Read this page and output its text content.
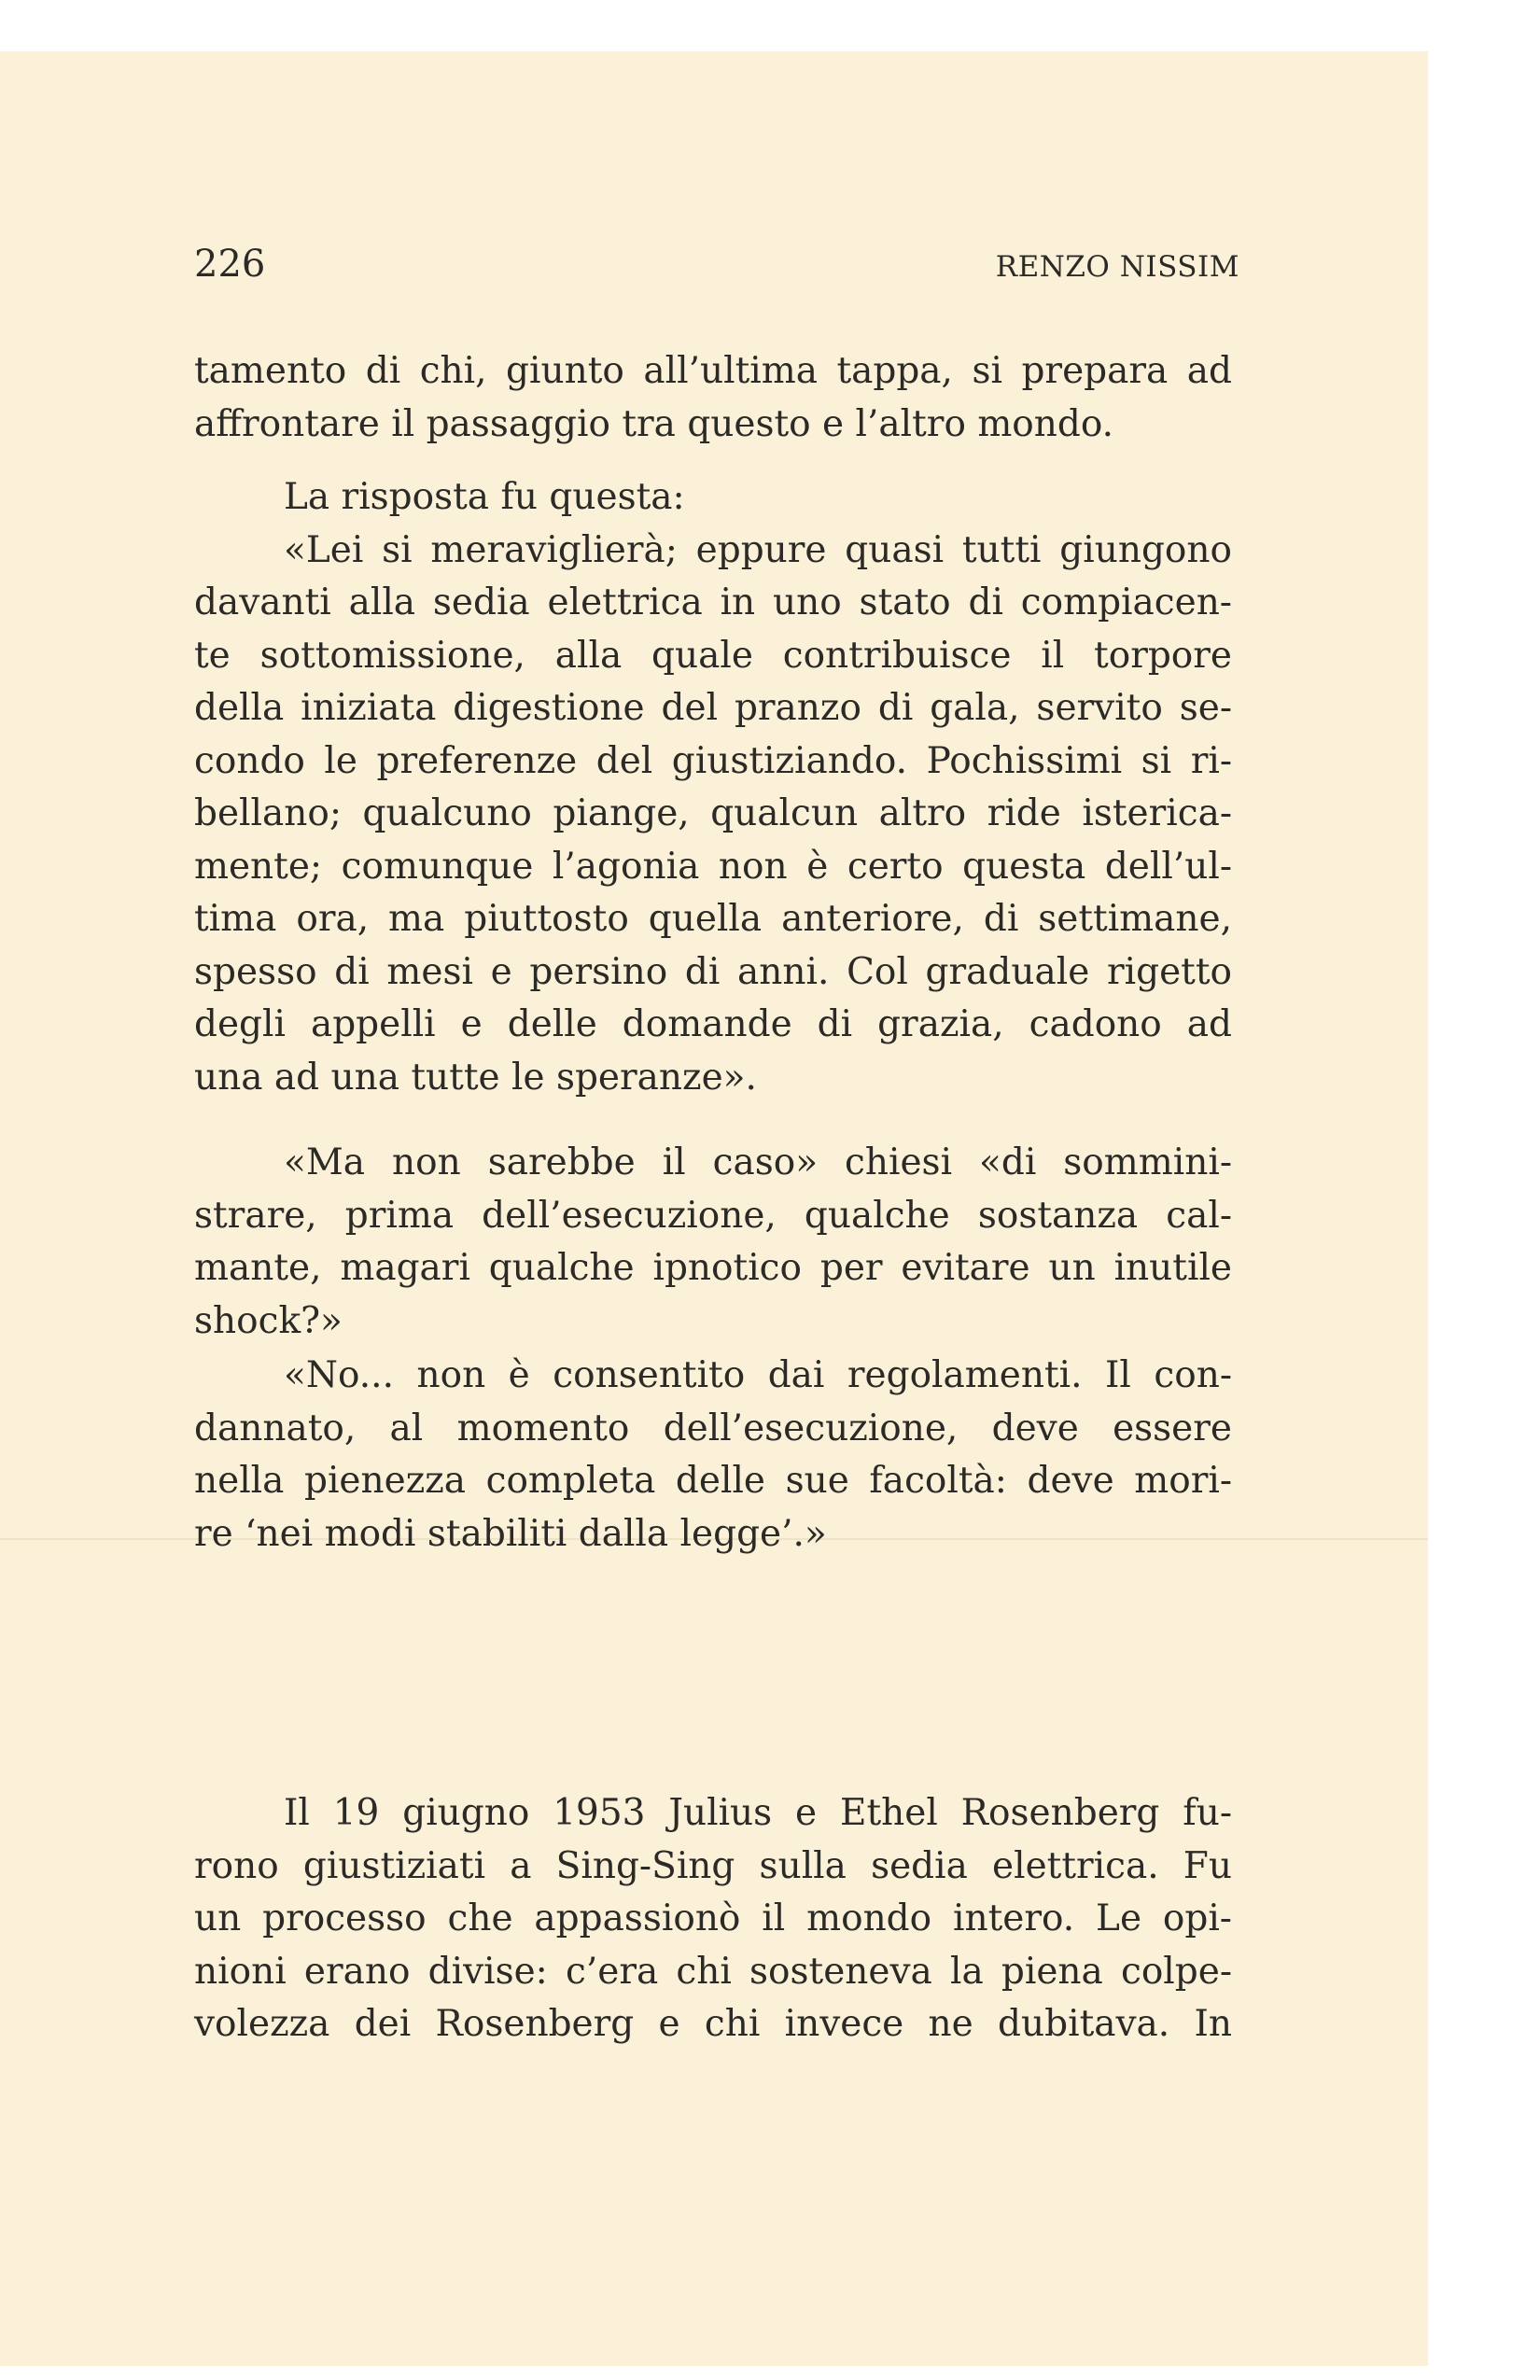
226	RENZO NISSIM
tamento di chi, giunto all’ultima tappa, si prepara ad
affrontare il passaggio tra questo e l’altro mondo.
La risposta fu questa:
«Lei si meraviglierà; eppure quasi tutti giungono
davanti alla sedia elettrica in uno stato di compiacen-
te sottomissione, alla quale contribuisce il torpore
della iniziata digestione del pranzo di gala, servito se-
condo le preferenze del giustiziando. Pochissimi si ri-
bellano; qualcuno piange, qualcun altro ride isterica-
mente; comunque l’agonia non è certo questa dell’ul-
tima ora, ma piuttosto quella anteriore, di settimane,
spesso di mesi e persino di anni. Col graduale rigetto
degli appelli e delle domande di grazia, cadono ad
una ad una tutte le speranze».
«Ma non sarebbe il caso» chiesi «di sommini-
strare, prima dell’esecuzione, qualche sostanza cal-
mante, magari qualche ipnotico per evitare un inutile
shock?»
«No... non è consentito dai regolamenti. Il con-
dannato, al momento dell’esecuzione, deve essere
nella pienezza completa delle sue facoltà: deve mori-
re ‘nei modi stabiliti dalla legge’.»
Il 19 giugno 1953 Julius e Ethel Rosenberg fu-
rono giustiziati a Sing-Sing sulla sedia elettrica. Fu
un processo che appassionò il mondo intero. Le opi-
nioni erano divise: c’era chi sosteneva la piena colpe-
volezza dei Rosenberg e chi invece ne dubitava. In
